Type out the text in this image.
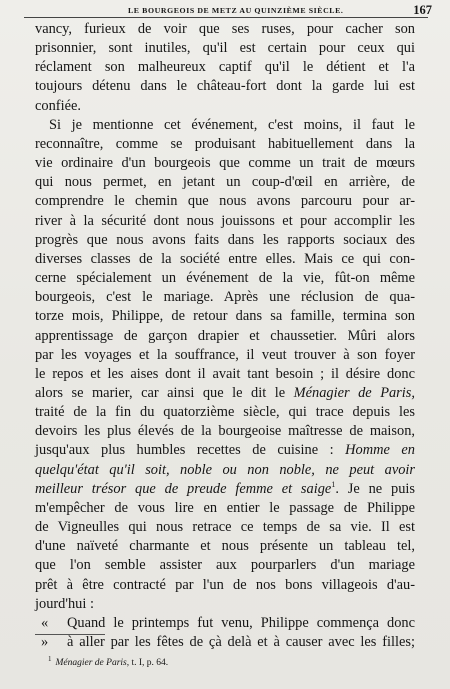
LE BOURGEOIS DE METZ AU QUINZIÈME SIÈCLE.	167
vancy, furieux de voir que ses ruses, pour cacher son
prisonnier, sont inutiles, qu'il est certain pour ceux qui
réclament son malheureux captif qu'il le détient et l'a
toujours détenu dans le château-fort dont la garde lui est
confiée.
Si je mentionne cet événement, c'est moins, il faut le
reconnaître, comme se produisant habituellement dans la
vie ordinaire d'un bourgeois que comme un trait de mœurs
qui nous permet, en jetant un coup-d'œil en arrière, de
comprendre le chemin que nous avons parcouru pour ar-
river à la sécurité dont nous jouissons et pour accomplir les
progrès que nous avons faits dans les rapports sociaux des
diverses classes de la société entre elles. Mais ce qui con-
cerne spécialement un événement de la vie, fût-on même
bourgeois, c'est le mariage. Après une réclusion de qua-
torze mois, Philippe, de retour dans sa famille, termina son
apprentissage de garçon drapier et chaussetier. Mûri alors
par les voyages et la souffrance, il veut trouver à son foyer
le repos et les aises dont il avait tant besoin ; il désire donc
alors se marier, car ainsi que le dit le Ménagier de Paris,
traité de la fin du quatorzième siècle, qui trace depuis les
devoirs les plus élevés de la bourgeoise maîtresse de maison,
jusqu'aux plus humbles recettes de cuisine : Homme en
quelqu'état qu'il soit, noble ou non noble, ne peut avoir
meilleur trésor que de preude femme et saige$^1$. Je ne puis
m'empêcher de vous lire en entier le passage de Philippe
de Vigneulles qui nous retrace ce temps de sa vie. Il est
d'une naïveté charmante et nous présente un tableau tel,
que l'on semble assister aux pourparlers d'un mariage
prêt à être contracté par l'un de nos bons villageois d'au-
jourd'hui :
« Quand le printemps fut venu, Philippe commença donc
» à aller par les fêtes de çà delà et à causer avec les filles;
$^1$ Ménagier de Paris, t. I, p. 64.
